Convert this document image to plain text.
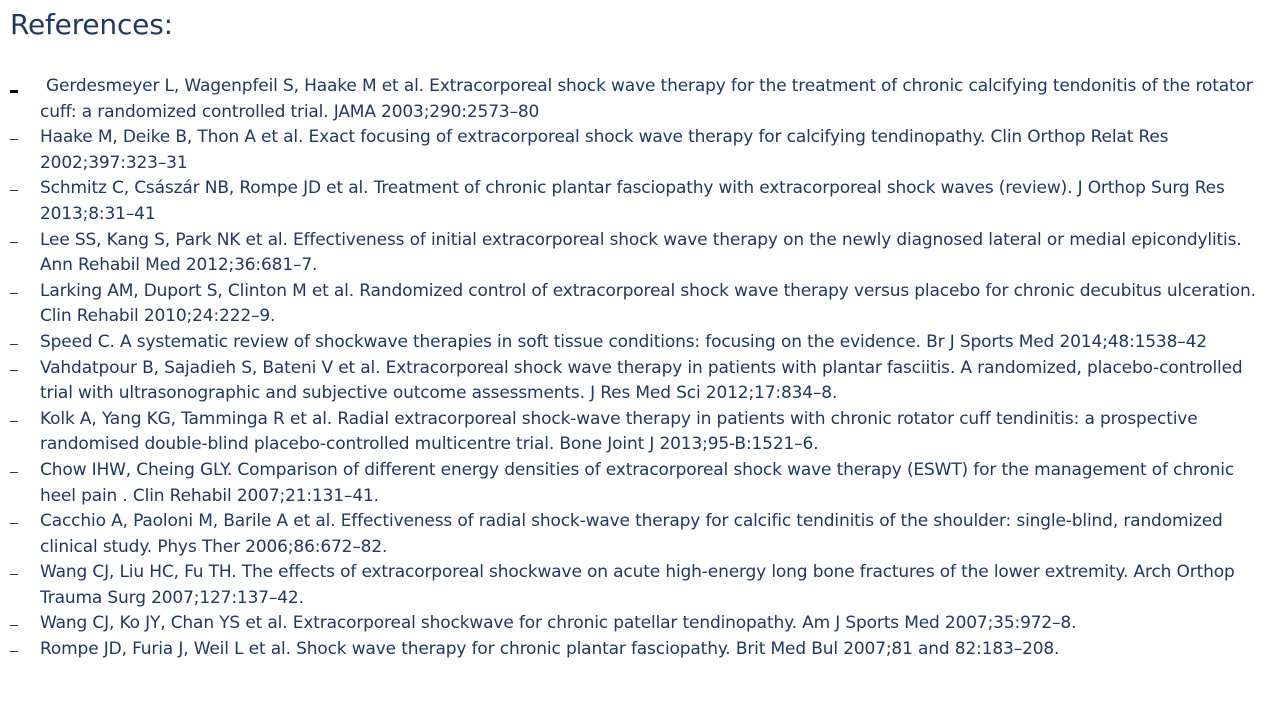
References:
Gerdesmeyer L, Wagenpfeil S, Haake M et al. Extracorporeal shock wave therapy for the treatment of chronic calcifying tendonitis of the rotator cuff: a randomized controlled trial. JAMA 2003;290:2573–80
Haake M, Deike B, Thon A et al. Exact focusing of extracorporeal shock wave therapy for calcifying tendinopathy. Clin Orthop Relat Res 2002;397:323–31
Schmitz C, Császár NB, Rompe JD et al. Treatment of chronic plantar fasciopathy with extracorporeal shock waves (review). J Orthop Surg Res 2013;8:31–41
Lee SS, Kang S, Park NK et al. Effectiveness of initial extracorporeal shock wave therapy on the newly diagnosed lateral or medial epicondylitis. Ann Rehabil Med 2012;36:681–7.
Larking AM, Duport S, Clinton M et al. Randomized control of extracorporeal shock wave therapy versus placebo for chronic decubitus ulceration. Clin Rehabil 2010;24:222–9.
Speed C. A systematic review of shockwave therapies in soft tissue conditions: focusing on the evidence. Br J Sports Med 2014;48:1538–42
Vahdatpour B, Sajadieh S, Bateni V et al. Extracorporeal shock wave therapy in patients with plantar fasciitis. A randomized, placebo-controlled trial with ultrasonographic and subjective outcome assessments. J Res Med Sci 2012;17:834–8.
Kolk A, Yang KG, Tamminga R et al. Radial extracorporeal shock-wave therapy in patients with chronic rotator cuff tendinitis: a prospective randomised double-blind placebo-controlled multicentre trial. Bone Joint J 2013;95-B:1521–6.
Chow IHW, Cheing GLY. Comparison of different energy densities of extracorporeal shock wave therapy (ESWT) for the management of chronic heel pain . Clin Rehabil 2007;21:131–41.
Cacchio A, Paoloni M, Barile A et al. Effectiveness of radial shock-wave therapy for calcific tendinitis of the shoulder: single-blind, randomized clinical study. Phys Ther 2006;86:672–82.
Wang CJ, Liu HC, Fu TH. The effects of extracorporeal shockwave on acute high-energy long bone fractures of the lower extremity. Arch Orthop Trauma Surg 2007;127:137–42.
Wang CJ, Ko JY, Chan YS et al. Extracorporeal shockwave for chronic patellar tendinopathy. Am J Sports Med 2007;35:972–8.
Rompe JD, Furia J, Weil L et al. Shock wave therapy for chronic plantar fasciopathy. Brit Med Bul 2007;81 and 82:183–208.
